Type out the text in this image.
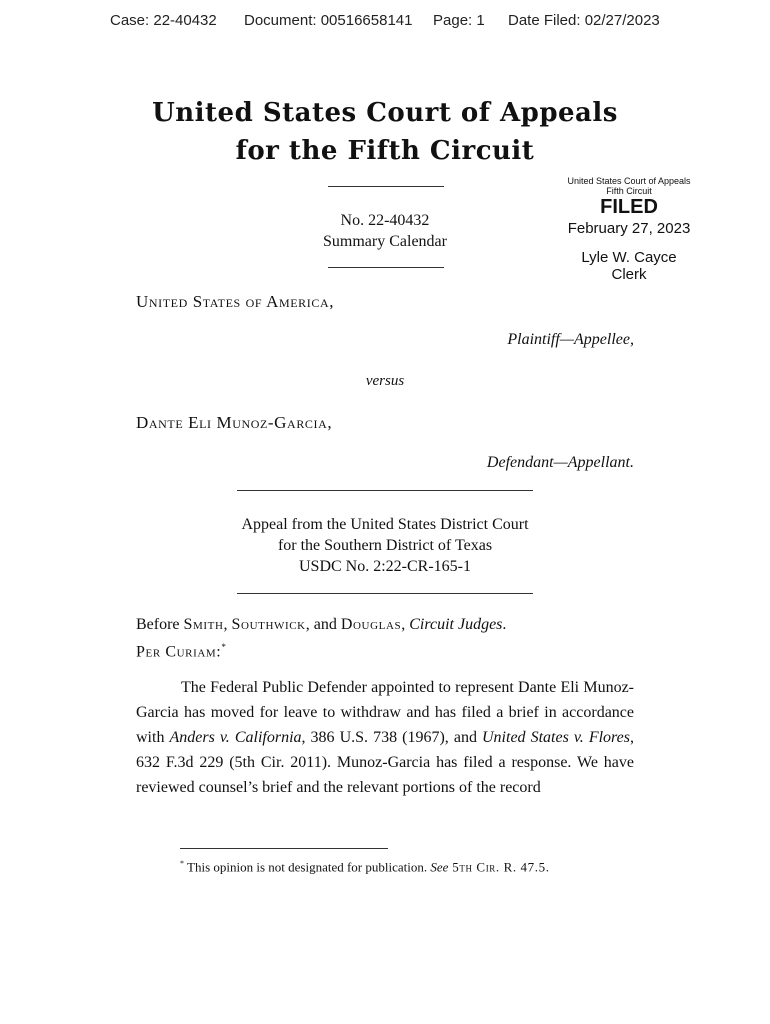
Case: 22-40432 Document: 00516658141 Page: 1 Date Filed: 02/27/2023
United States Court of Appeals
for the Fifth Circuit
No. 22-40432
Summary Calendar
United States Court of Appeals
Fifth Circuit
FILED
February 27, 2023
Lyle W. Cayce
Clerk
United States of America,
Plaintiff—Appellee,
versus
Dante Eli Munoz-Garcia,
Defendant—Appellant.
Appeal from the United States District Court
for the Southern District of Texas
USDC No. 2:22-CR-165-1
Before Smith, Southwick, and Douglas, Circuit Judges.
Per Curiam:*
The Federal Public Defender appointed to represent Dante Eli Munoz-Garcia has moved for leave to withdraw and has filed a brief in accordance with Anders v. California, 386 U.S. 738 (1967), and United States v. Flores, 632 F.3d 229 (5th Cir. 2011). Munoz-Garcia has filed a response. We have reviewed counsel’s brief and the relevant portions of the record
* This opinion is not designated for publication. See 5th Cir. R. 47.5.
